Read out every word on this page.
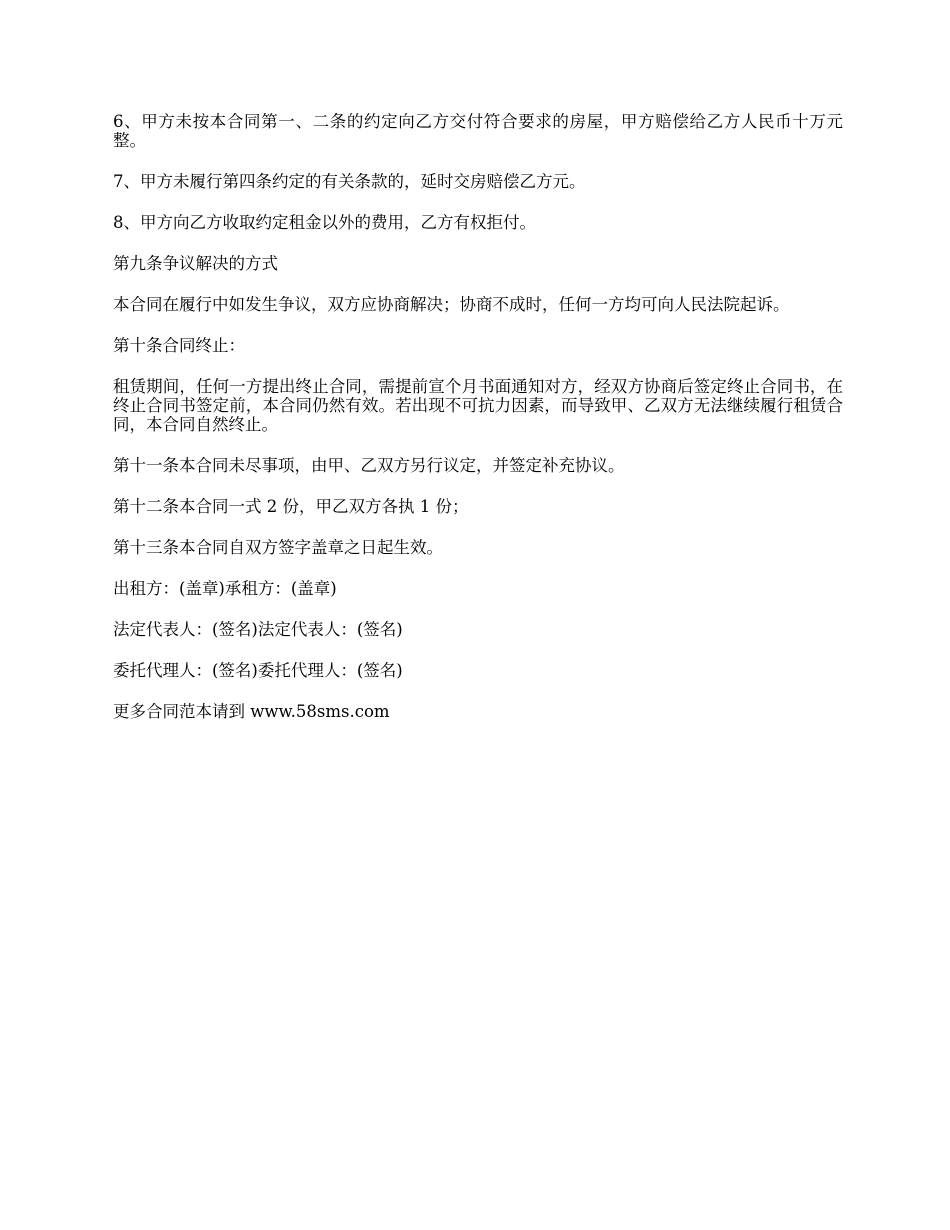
6、甲方未按本合同第一、二条的约定向乙方交付符合要求的房屋，甲方赔偿给乙方人民币十万元整。

7、甲方未履行第四条约定的有关条款的，延时交房赔偿乙方元。

8、甲方向乙方收取约定租金以外的费用，乙方有权拒付。

第九条争议解决的方式

本合同在履行中如发生争议，双方应协商解决；协商不成时，任何一方均可向人民法院起诉。

第十条合同终止：

租赁期间，任何一方提出终止合同，需提前宣个月书面通知对方，经双方协商后签定终止合同书，在终止合同书签定前，本合同仍然有效。若出现不可抗力因素，而导致甲、乙双方无法继续履行租赁合同，本合同自然终止。

第十一条本合同未尽事项，由甲、乙双方另行议定，并签定补充协议。

第十二条本合同一式 2 份，甲乙双方各执 1 份；

第十三条本合同自双方签字盖章之日起生效。

出租方：(盖章)承租方：(盖章)

法定代表人：(签名)法定代表人：(签名)

委托代理人：(签名)委托代理人：(签名)

更多合同范本请到 www.58sms.com
